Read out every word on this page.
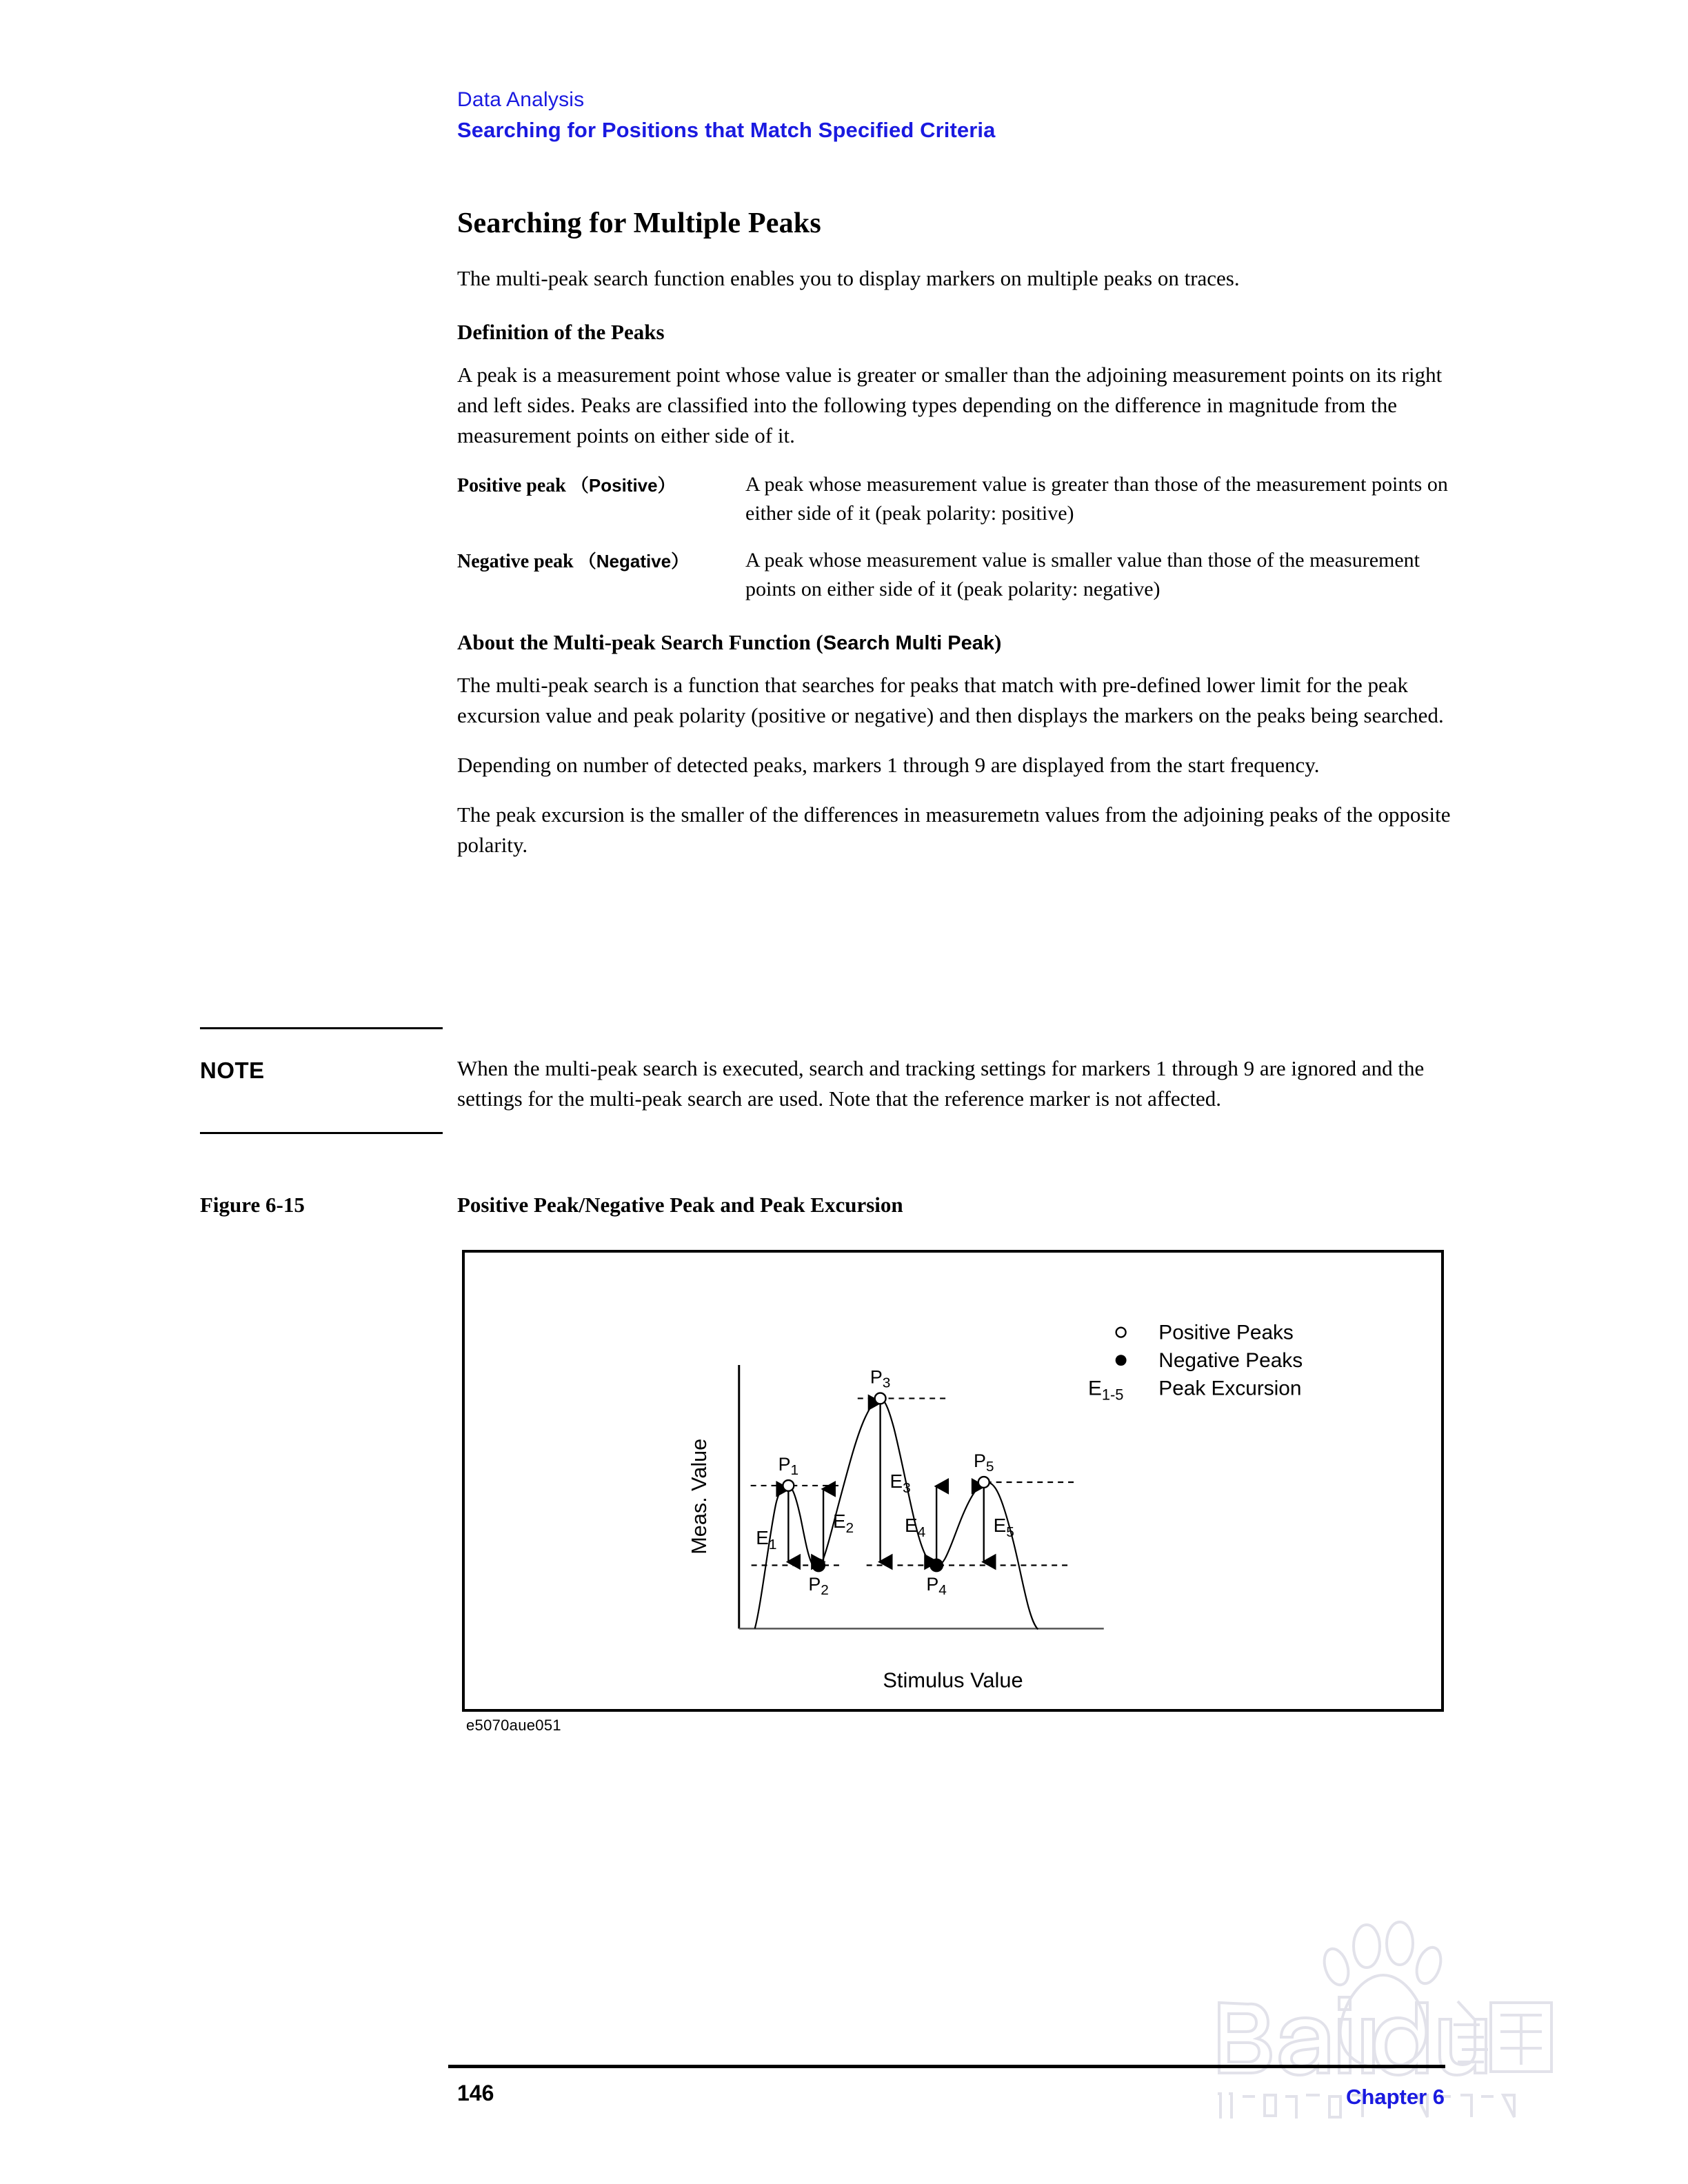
Data Analysis
Searching for Positions that Match Specified Criteria
Searching for Multiple Peaks

The multi-peak search function enables you to display markers on multiple peaks on traces.

Definition of the Peaks

A peak is a measurement point whose value is greater or smaller than the adjoining measurement points on its right and left sides. Peaks are classified into the following types depending on the difference in magnitude from the measurement points on either side of it.

Positive peak （Positive）	A peak whose measurement value is greater than those of the measurement points on either side of it (peak polarity: positive)
Negative peak （Negative）	A peak whose measurement value is smaller value than those of the measurement points on either side of it (peak polarity: negative)
About the Multi-peak Search Function (Search Multi Peak)

The multi-peak search is a function that searches for peaks that match with pre-defined lower limit for the peak excursion value and peak polarity (positive or negative) and then displays the markers on the peaks being searched.

Depending on number of detected peaks, markers 1 through 9 are displayed from the start frequency.

The peak excursion is the smaller of the differences in measuremetn values from the adjoining peaks of the opposite polarity.

NOTE	When the multi-peak search is executed, search and tracking settings for markers 1 through 9 are ignored and the settings for the multi-peak search are used. Note that the reference marker is not affected.
Figure 6-15	Positive Peak/Negative Peak and Peak Excursion
Meas. Value
Stimulus Value
$E_1$
$E_2$
$E_3$
$E_4$	$E_5$
$P_1$
$P_2$
$P_3$
$P_4$
$P_5$
Positive Peaks
Negative Peaks
$E_{1-5}$ Peak Excursion
e5070aue051
146	Chapter 6
